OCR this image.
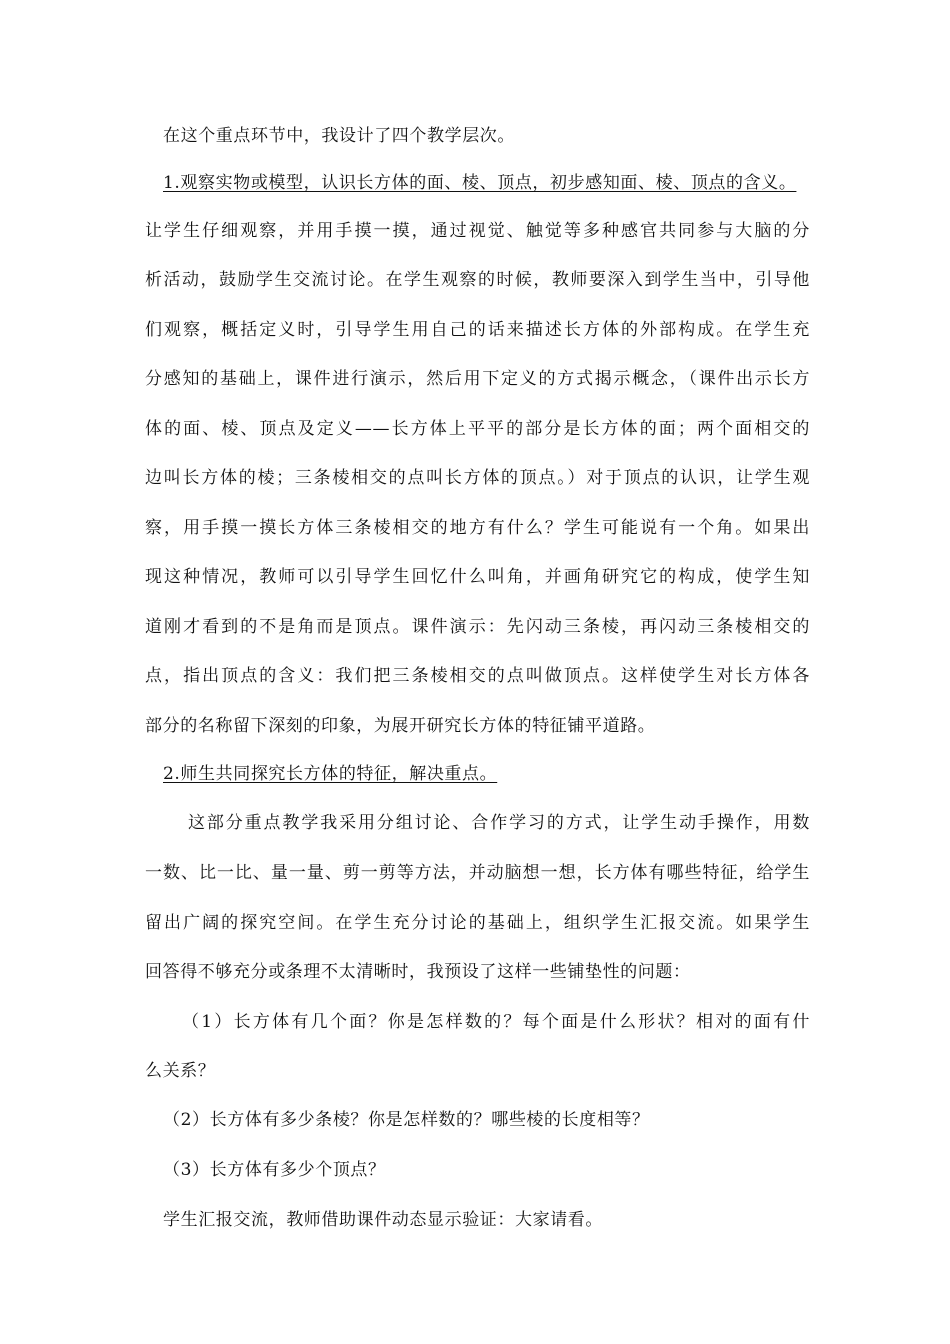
在这个重点环节中，我设计了四个教学层次。
1.观察实物或模型，认识长方体的面、棱、顶点，初步感知面、棱、顶点的含义。
让学生仔细观察，并用手摸一摸，通过视觉、触觉等多种感官共同参与大脑的分
析活动，鼓励学生交流讨论。在学生观察的时候，教师要深入到学生当中，引导他
们观察，概括定义时，引导学生用自己的话来描述长方体的外部构成。在学生充
分感知的基础上，课件进行演示，然后用下定义的方式揭示概念，（课件出示长方
体的面、棱、顶点及定义——长方体上平平的部分是长方体的面；两个面相交的
边叫长方体的棱；三条棱相交的点叫长方体的顶点。）对于顶点的认识，让学生观
察，用手摸一摸长方体三条棱相交的地方有什么？学生可能说有一个角。如果出
现这种情况，教师可以引导学生回忆什么叫角，并画角研究它的构成，使学生知
道刚才看到的不是角而是顶点。课件演示：先闪动三条棱，再闪动三条棱相交的
点，指出顶点的含义：我们把三条棱相交的点叫做顶点。这样使学生对长方体各
部分的名称留下深刻的印象，为展开研究长方体的特征铺平道路。
2.师生共同探究长方体的特征，解决重点。
这部分重点教学我采用分组讨论、合作学习的方式，让学生动手操作，用数
一数、比一比、量一量、剪一剪等方法，并动脑想一想，长方体有哪些特征，给学生
留出广阔的探究空间。在学生充分讨论的基础上，组织学生汇报交流。如果学生
回答得不够充分或条理不太清晰时，我预设了这样一些铺垫性的问题：
（1）长方体有几个面？你是怎样数的？每个面是什么形状？相对的面有什
么关系？
（2）长方体有多少条棱？你是怎样数的？哪些棱的长度相等？
（3）长方体有多少个顶点？
学生汇报交流，教师借助课件动态显示验证：大家请看。
